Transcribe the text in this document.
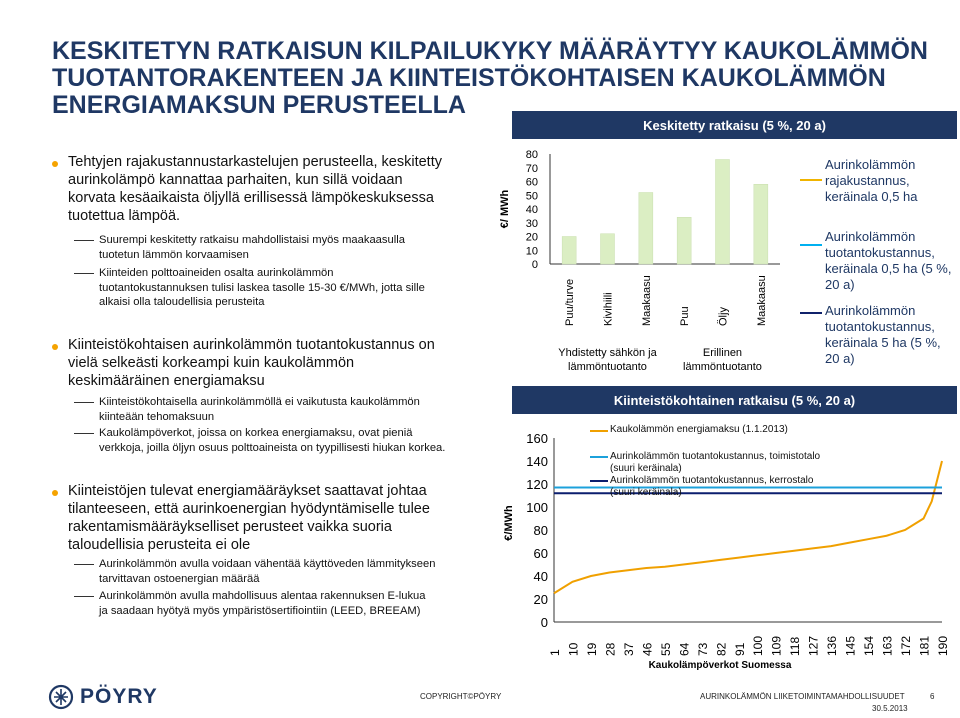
KESKITETYN RATKAISUN KILPAILUKYKY MÄÄRÄYTYY KAUKOLÄMMÖN
TUOTANTORAKENTEEN JA KIINTEISTÖKOHTAISEN KAUKOLÄMMÖN
ENERGIAMAKSUN PERUSTEELLA
Keskitetty ratkaisu (5 %, 20 a)
Tehtyjen rajakustannustarkastelujen perusteella, keskitetty
aurinkolämpö kannattaa parhaiten, kun sillä voidaan
korvata kesäaikaista öljyllä erillisessä lämpökeskuksessa
tuotettua lämpöä.
Suurempi keskitetty ratkaisu mahdollistaisi myös maakaasulla
tuotetun lämmön korvaamisen
Kiinteiden polttoaineiden osalta aurinkolämmön
tuotantokustannuksen tulisi laskea tasolle 15-30 €/MWh, jotta sille
alkaisi olla taloudellisia perusteita
Kiinteistökohtaisen aurinkolämmön tuotantokustannus on
vielä selkeästi korkeampi kuin kaukolämmön
keskimääräinen energiamaksu
Kiinteistökohtaisella aurinkolämmöllä ei vaikutusta kaukolämmön
kiinteään tehomaksuun
Kaukolämpöverkot, joissa on korkea energiamaksu, ovat pieniä
verkkoja, joilla öljyn osuus polttoaineista on tyypillisesti hiukan korkea.
Kiinteistöjen tulevat energiamääräykset saattavat johtaa
tilanteeseen, että aurinkoenergian hyödyntämiselle tulee
rakentamismääräykselliset perusteet vaikka suoria
taloudellisia perusteita ei ole
Aurinkolämmön avulla voidaan vähentää käyttöveden lämmitykseen
tarvittavan ostoenergian määrää
Aurinkolämmön avulla mahdollisuus alentaa rakennuksen E-lukua
ja saadaan hyötyä myös ympäristösertifiointiin (LEED, BREEAM)
80
70
60
50
40
30
20
10
0
€/ MWh
Puu/turve Kivihiili Maakaasu Puu Öljy Maakaasu
Yhdistetty sähkön ja
lämmöntuotanto
Erillinen
lämmöntuotanto
Aurinkolämmön
rajakustannus,
keräinala 0,5 ha
Aurinkolämmön
tuotantokustannus,
keräinala 0,5 ha (5 %,
20 a)
Aurinkolämmön
tuotantokustannus,
keräinala 5 ha (5 %,
20 a)
Kiinteistökohtainen ratkaisu (5 %, 20 a)
160
140
120
100
80
60
40
20
0
€/MWh
1 10 19 28 37 46 55 64 73 82 91 100 109 118 127 136 145 154 163 172 181 190
Kaukolämpöverkot Suomessa
Kaukolämmön energiamaksu (1.1.2013)
Aurinkolämmön tuotantokustannus, toimistotalo
(suuri keräinala)
Aurinkolämmön tuotantokustannus, kerrostalo
(suuri keräinala)
PÖYRY	COPYRIGHT©PÖYRY	AURINKOLÄMMÖN LIIKETOIMINTAMAHDOLLISUUDET	6
30.5.2013
